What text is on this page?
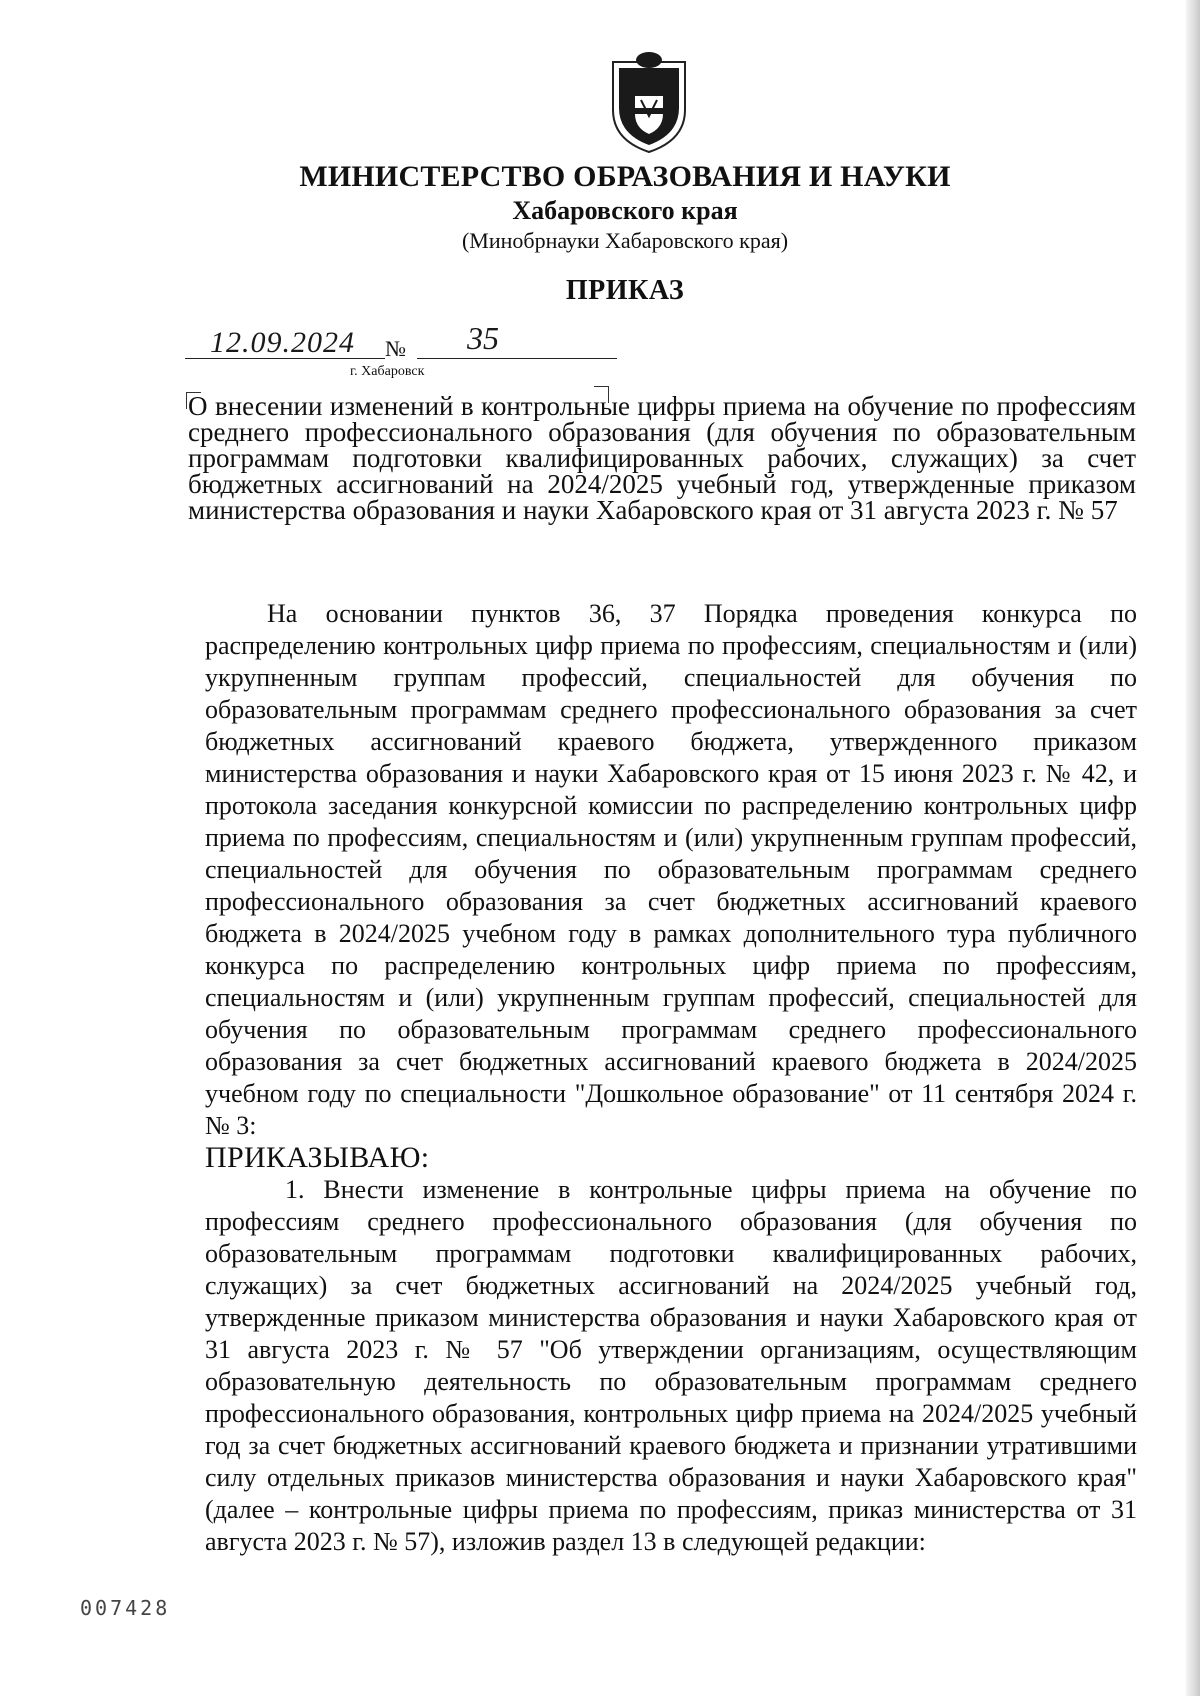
МИНИСТЕРСТВО ОБРАЗОВАНИЯ И НАУКИ
Хабаровского края
(Минобрнауки Хабаровского края)
ПРИКАЗ
12.09.2024 № 35
г. Хабаровск
О внесении изменений в контрольные цифры приема на обучение по профессиям среднего профессионального образования (для обучения по образовательным программам подготовки квалифицированных рабочих, служащих) за счет бюджетных ассигнований на 2024/2025 учебный год, утвержденные приказом министерства образования и науки Хабаровского края от 31 августа 2023 г. № 57

На основании пунктов 36, 37 Порядка проведения конкурса по распределению контрольных цифр приема по профессиям, специальностям и (или) укрупненным группам профессий, специальностей для обучения по образовательным программам среднего профессионального образования за счет бюджетных ассигнований краевого бюджета, утвержденного приказом министерства образования и науки Хабаровского края от 15 июня 2023 г. № 42, и протокола заседания конкурсной комиссии по распределению контрольных цифр приема по профессиям, специальностям и (или) укрупненным группам профессий, специальностей для обучения по образовательным программам среднего профессионального образования за счет бюджетных ассигнований краевого бюджета в 2024/2025 учебном году в рамках дополнительного тура публичного конкурса по распределению контрольных цифр приема по профессиям, специальностям и (или) укрупненным группам профессий, специальностей для обучения по образовательным программам среднего профессионального образования за счет бюджетных ассигнований краевого бюджета в 2024/2025 учебном году по специальности "Дошкольное образование" от 11 сентября 2024 г. № 3:

ПРИКАЗЫВАЮ:

1. Внести изменение в контрольные цифры приема на обучение по профессиям среднего профессионального образования (для обучения по образовательным программам подготовки квалифицированных рабочих, служащих) за счет бюджетных ассигнований на 2024/2025 учебный год, утвержденные приказом министерства образования и науки Хабаровского края от 31 августа 2023 г. № 57 "Об утверждении организациям, осуществляющим образовательную деятельность по образовательным программам среднего профессионального образования, контрольных цифр приема на 2024/2025 учебный год за счет бюджетных ассигнований краевого бюджета и признании утратившими силу отдельных приказов министерства образования и науки Хабаровского края" (далее – контрольные цифры приема по профессиям, приказ министерства от 31 августа 2023 г. № 57), изложив раздел 13 в следующей редакции:

007428
